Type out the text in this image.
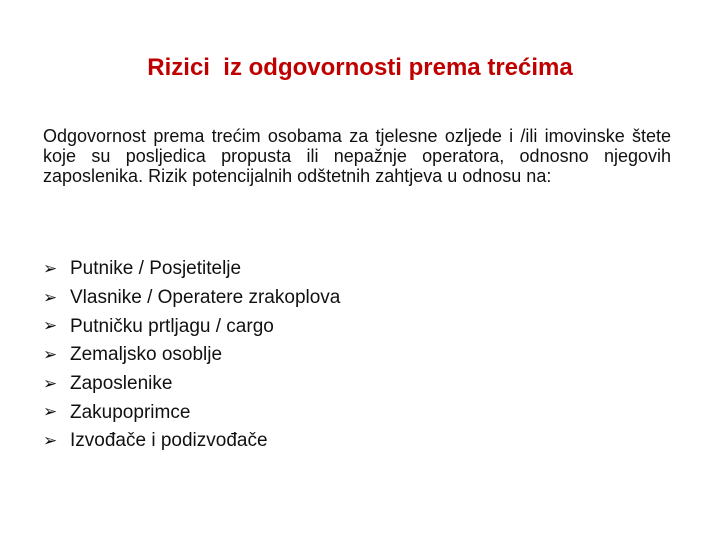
Rizici  iz odgovornosti prema trećima

Odgovornost prema trećim osobama za tjelesne ozljede i /ili imovinske štete koje su posljedica propusta ili nepažnje operatora, odnosno njegovih zaposlenika. Rizik potencijalnih odštetnih zahtjeva u odnosu na:

➢ Putnike / Posjetitelje
➢ Vlasnike / Operatere zrakoplova
➢ Putničku prtljagu / cargo
➢ Zemaljsko osoblje
➢ Zaposlenike
➢ Zakupoprimce
➢ Izvođače i podizvođače
